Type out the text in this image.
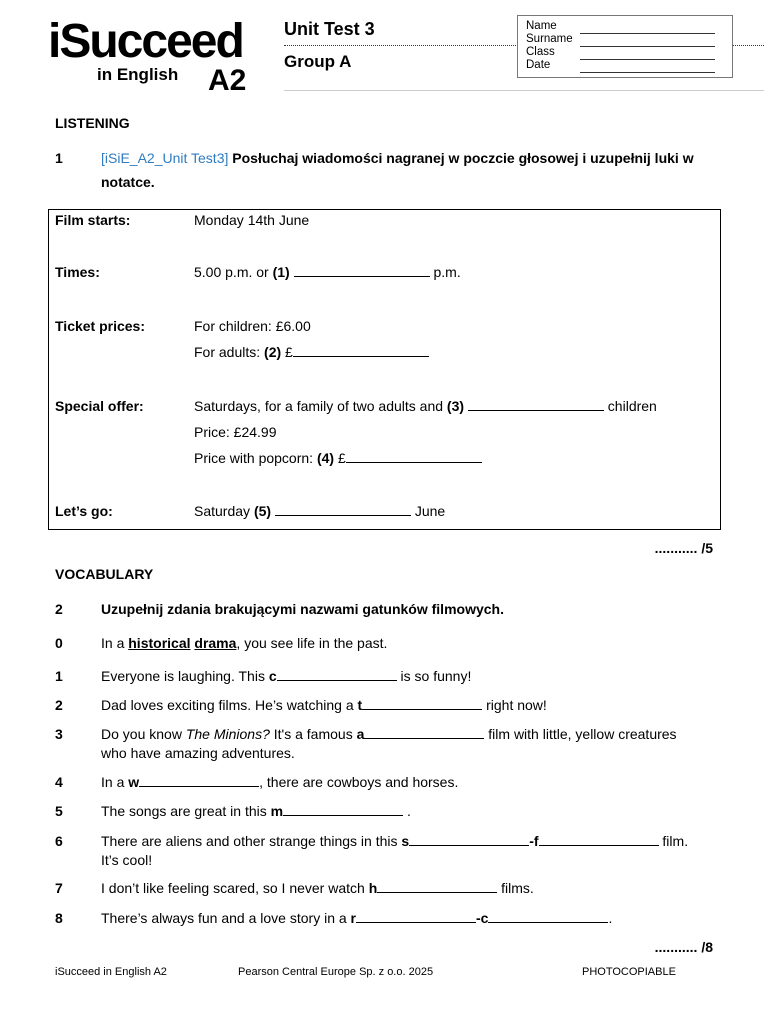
iSucceed
in English A2
Unit Test 3
Group A
Name
Surname
Class
Date
LISTENING
1	[iSiE_A2_Unit Test3] Posłuchaj wiadomości nagranej w poczcie głosowej i uzupełnij luki w notatce.
Film starts:	Monday 14th June
Times:	5.00 p.m. or (1)	p.m.
Ticket prices:	For children: £6.00
For adults: (2) £
Special offer:	Saturdays, for a family of two adults and (3)	children
Price: £24.99
Price with popcorn: (4) £
Let’s go:	Saturday (5)	June
........... /5
VOCABULARY
2	Uzupełnij zdania brakującymi nazwami gatunków filmowych.
0	In a historical drama, you see life in the past.
1	Everyone is laughing. This c	is so funny!
2	Dad loves exciting films. He’s watching a t	right now!
3	Do you know The Minions? It's a famous a	film with little, yellow creatures who have amazing adventures.
4	In a w	, there are cowboys and horses.
5	The songs are great in this m	.
6	There are aliens and other strange things in this s	-f	film. It’s cool!
7	I don’t like feeling scared, so I never watch h	films.
8	There’s always fun and a love story in a r	-c	.
........... /8
iSucceed in English A2	Pearson Central Europe Sp. z o.o. 2025	PHOTOCOPIABLE
